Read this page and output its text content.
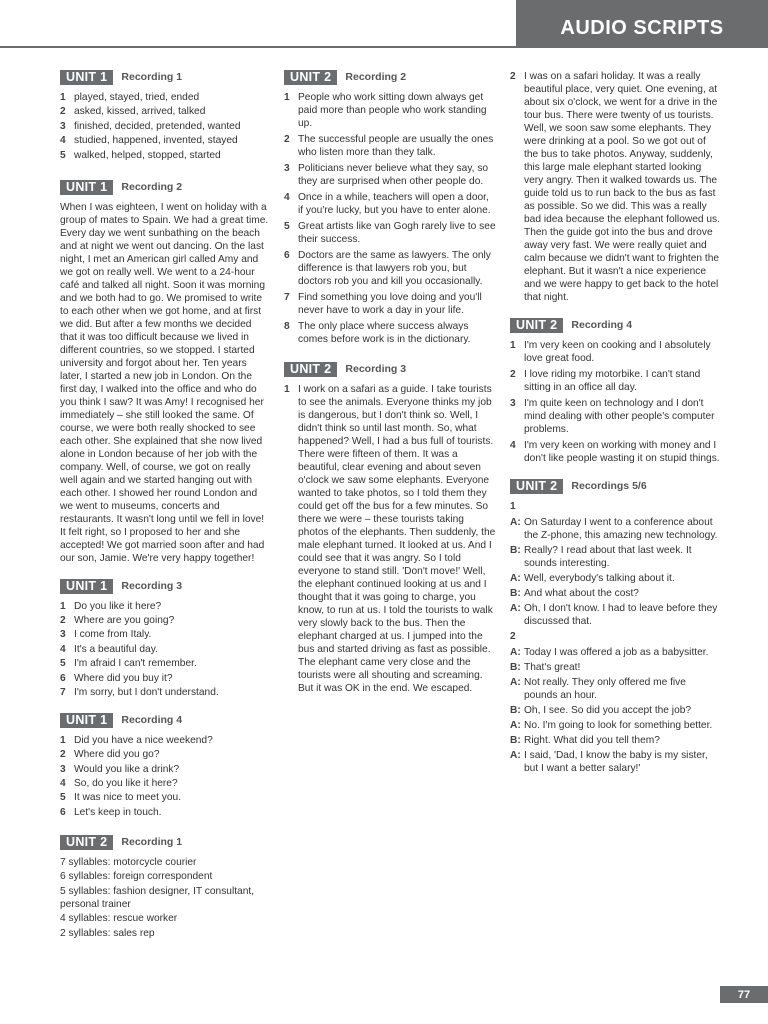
AUDIO SCRIPTS
UNIT 1	Recording 1
1 played, stayed, tried, ended
2 asked, kissed, arrived, talked
3 finished, decided, pretended, wanted
4 studied, happened, invented, stayed
5 walked, helped, stopped, started
UNIT 1	Recording 2

When I was eighteen, I went on holiday with a group of mates to Spain. We had a great time. Every day we went sunbathing on the beach and at night we went out dancing. On the last night, I met an American girl called Amy and we got on really well. We went to a 24-hour café and talked all night. Soon it was morning and we both had to go. We promised to write to each other when we got home, and at first we did. But after a few months we decided that it was too difficult because we lived in different countries, so we stopped. I started university and forgot about her. Ten years later, I started a new job in London. On the first day, I walked into the office and who do you think I saw? It was Amy! I recognised her immediately – she still looked the same. Of course, we were both really shocked to see each other. She explained that she now lived alone in London because of her job with the company. Well, of course, we got on really well again and we started hanging out with each other. I showed her round London and we went to museums, concerts and restaurants. It wasn't long until we fell in love! It felt right, so I proposed to her and she accepted! We got married soon after and had our son, Jamie. We're very happy together!

UNIT 1	Recording 3
1 Do you like it here?
2 Where are you going?
3 I come from Italy.
4 It's a beautiful day.
5 I'm afraid I can't remember.
6 Where did you buy it?
7 I'm sorry, but I don't understand.
UNIT 1	Recording 4
1 Did you have a nice weekend?
2 Where did you go?
3 Would you like a drink?
4 So, do you like it here?
5 It was nice to meet you.
6 Let's keep in touch.
UNIT 2	Recording 1
7 syllables: motorcycle courier
6 syllables: foreign correspondent
5 syllables: fashion designer, IT consultant, personal trainer
4 syllables: rescue worker
2 syllables: sales rep
UNIT 2	Recording 2
1 People who work sitting down always get paid more than people who work standing up.
2 The successful people are usually the ones who listen more than they talk.
3 Politicians never believe what they say, so they are surprised when other people do.
4 Once in a while, teachers will open a door, if you're lucky, but you have to enter alone.
5 Great artists like van Gogh rarely live to see their success.
6 Doctors are the same as lawyers. The only difference is that lawyers rob you, but doctors rob you and kill you occasionally.
7 Find something you love doing and you'll never have to work a day in your life.
8 The only place where success always comes before work is in the dictionary.
UNIT 2	Recording 3
1 I work on a safari as a guide. I take tourists to see the animals. Everyone thinks my job is dangerous, but I don't think so. Well, I didn't think so until last month. So, what happened? Well, I had a bus full of tourists. There were fifteen of them. It was a beautiful, clear evening and about seven o'clock we saw some elephants. Everyone wanted to take photos, so I told them they could get off the bus for a few minutes. So there we were – these tourists taking photos of the elephants. Then suddenly, the male elephant turned. It looked at us. And I could see that it was angry. So I told everyone to stand still. 'Don't move!' Well, the elephant continued looking at us and I thought that it was going to charge, you know, to run at us. I told the tourists to walk very slowly back to the bus. Then the elephant charged at us. I jumped into the bus and started driving as fast as possible. The elephant came very close and the tourists were all shouting and screaming. But it was OK in the end. We escaped.
2 I was on a safari holiday. It was a really beautiful place, very quiet. One evening, at about six o'clock, we went for a drive in the tour bus. There were twenty of us tourists. Well, we soon saw some elephants. They were drinking at a pool. So we got out of the bus to take photos. Anyway, suddenly, this large male elephant started looking very angry. Then it walked towards us. The guide told us to run back to the bus as fast as possible. So we did. This was a really bad idea because the elephant followed us. Then the guide got into the bus and drove away very fast. We were really quiet and calm because we didn't want to frighten the elephant. But it wasn't a nice experience and we were happy to get back to the hotel that night.
UNIT 2	Recording 4
1 I'm very keen on cooking and I absolutely love great food.
2 I love riding my motorbike. I can't stand sitting in an office all day.
3 I'm quite keen on technology and I don't mind dealing with other people's computer problems.
4 I'm very keen on working with money and I don't like people wasting it on stupid things.
UNIT 2	Recordings 5/6
1
A: On Saturday I went to a conference about the Z-phone, this amazing new technology.
B: Really? I read about that last week. It sounds interesting.
A: Well, everybody's talking about it.
B: And what about the cost?
A: Oh, I don't know. I had to leave before they discussed that.
2
A: Today I was offered a job as a babysitter.
B: That's great!
A: Not really. They only offered me five pounds an hour.
B: Oh, I see. So did you accept the job?
A: No. I'm going to look for something better.
B: Right. What did you tell them?
A: I said, 'Dad, I know the baby is my sister, but I want a better salary!'
77
